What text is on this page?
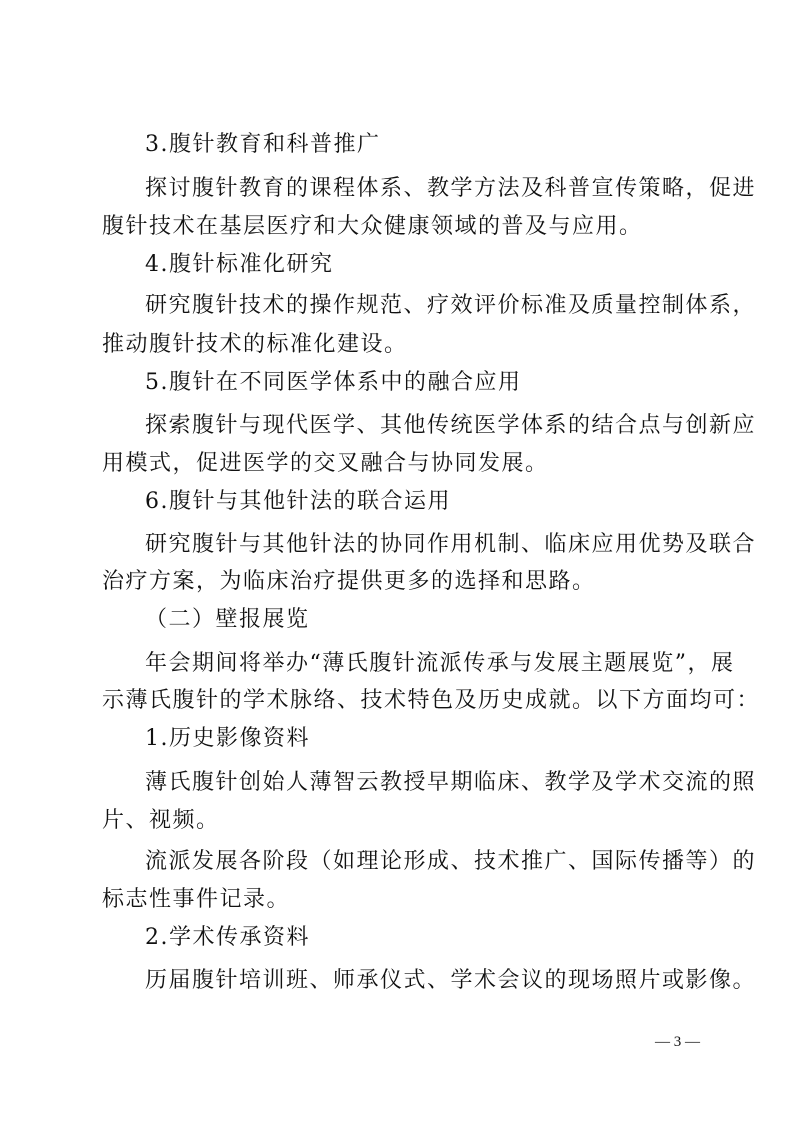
3.腹针教育和科普推广
探讨腹针教育的课程体系、教学方法及科普宣传策略，促进
腹针技术在基层医疗和大众健康领域的普及与应用。
4.腹针标准化研究
研究腹针技术的操作规范、疗效评价标准及质量控制体系，
推动腹针技术的标准化建设。
5.腹针在不同医学体系中的融合应用
探索腹针与现代医学、其他传统医学体系的结合点与创新应
用模式，促进医学的交叉融合与协同发展。
6.腹针与其他针法的联合运用
研究腹针与其他针法的协同作用机制、临床应用优势及联合
治疗方案，为临床治疗提供更多的选择和思路。
（二）壁报展览
年会期间将举办“薄氏腹针流派传承与发展主题展览”，展
示薄氏腹针的学术脉络、技术特色及历史成就。以下方面均可：
1.历史影像资料
薄氏腹针创始人薄智云教授早期临床、教学及学术交流的照
片、视频。
流派发展各阶段（如理论形成、技术推广、国际传播等）的
标志性事件记录。
2.学术传承资料
历届腹针培训班、师承仪式、学术会议的现场照片或影像。
— 3 —
